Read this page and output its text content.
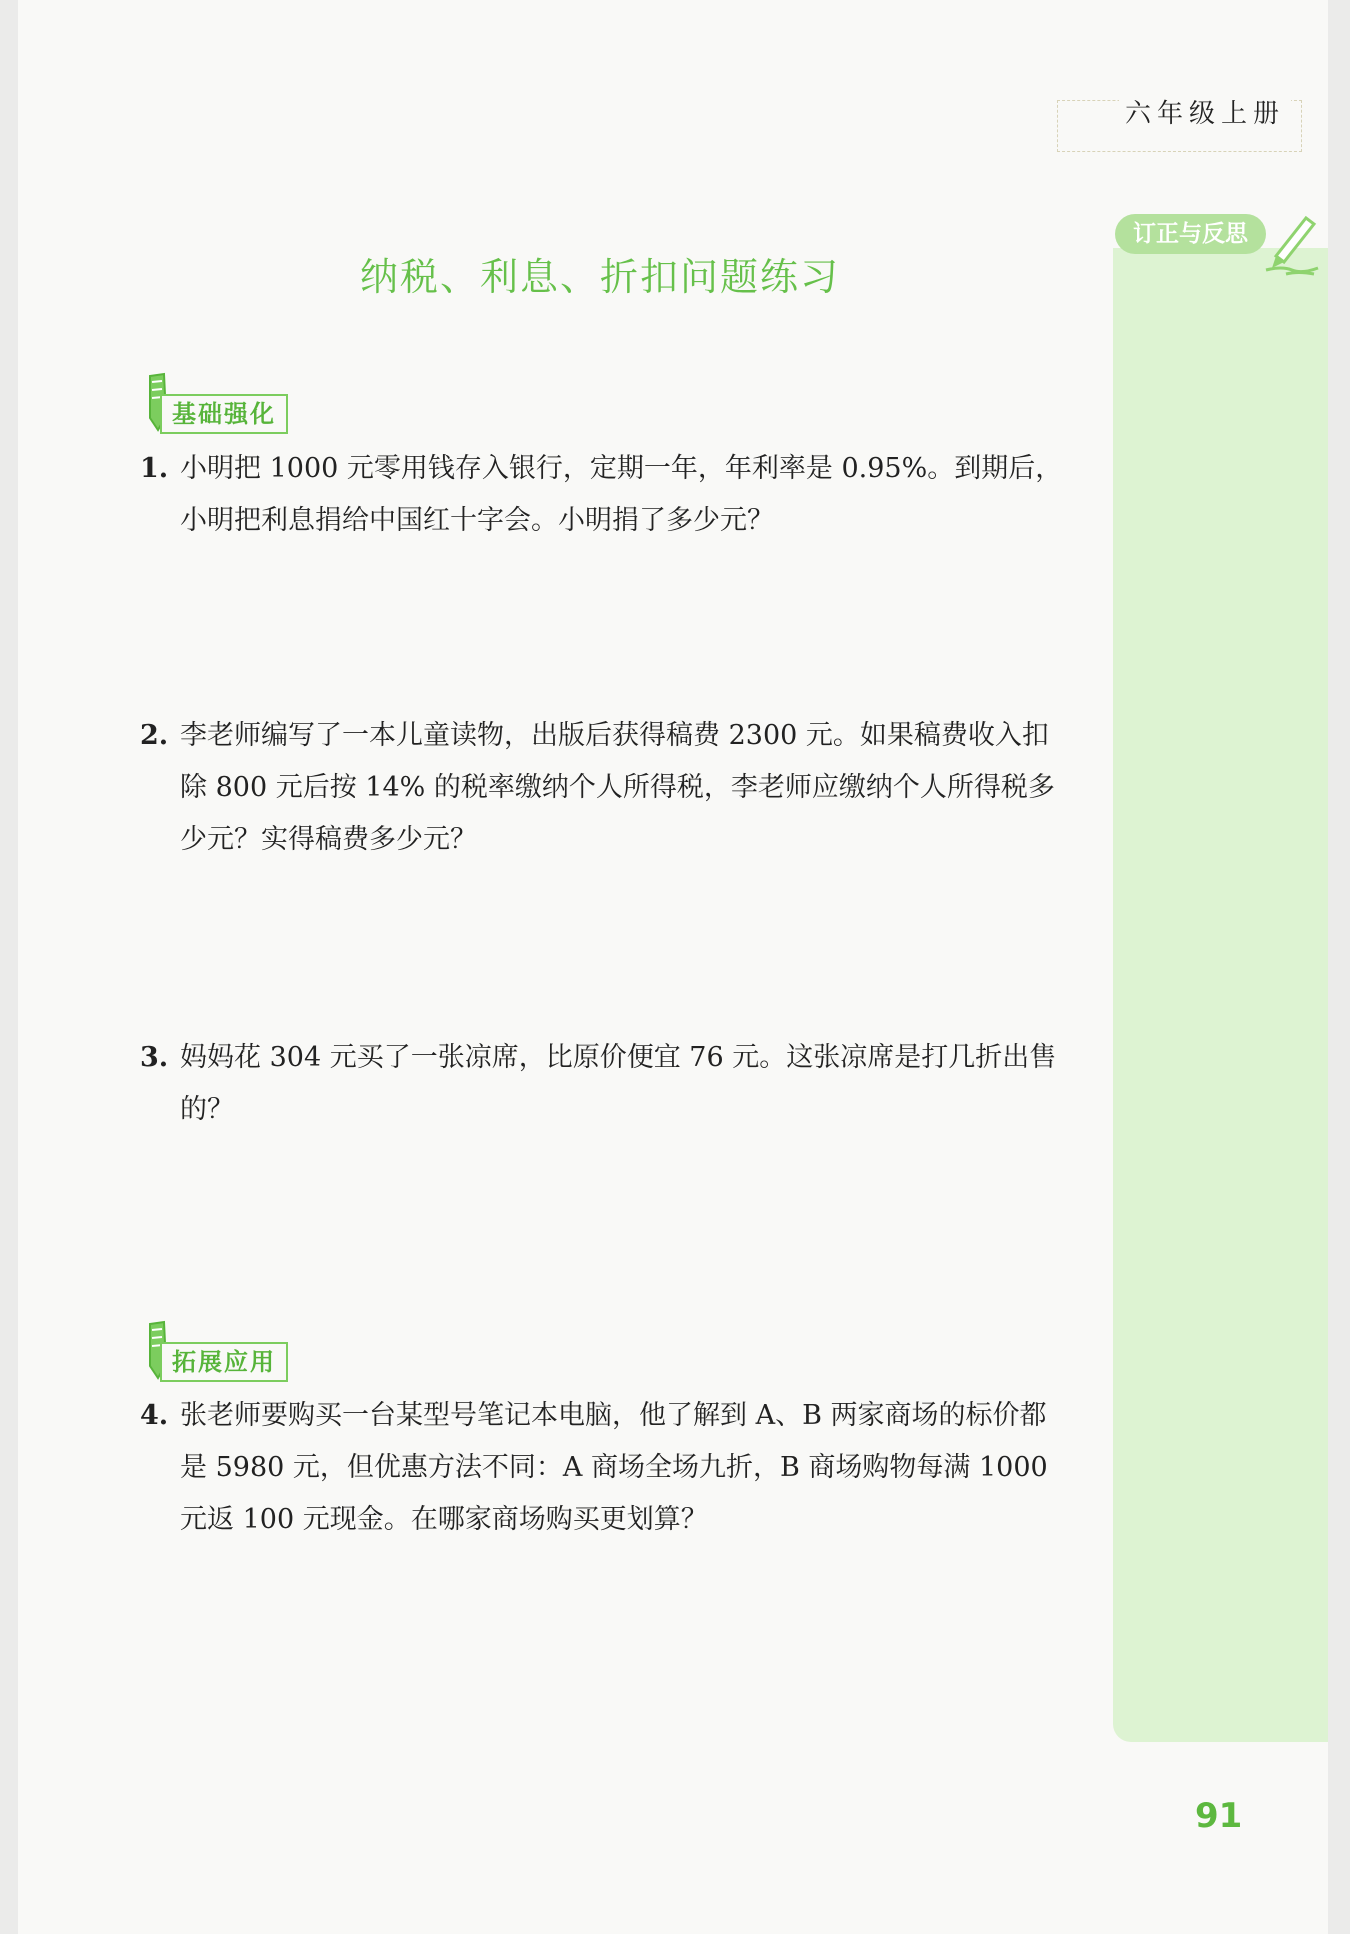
六年级上册
订正与反思
纳税、利息、折扣问题练习
基础强化
1. 小明把 1000 元零用钱存入银行，定期一年，年利率是 0.95%。到期后，小明把利息捐给中国红十字会。小明捐了多少元？
2. 李老师编写了一本儿童读物，出版后获得稿费 2300 元。如果稿费收入扣除 800 元后按 14% 的税率缴纳个人所得税，李老师应缴纳个人所得税多少元？实得稿费多少元？
3. 妈妈花 304 元买了一张凉席，比原价便宜 76 元。这张凉席是打几折出售的？
拓展应用
4. 张老师要购买一台某型号笔记本电脑，他了解到 A、B 两家商场的标价都是 5980 元，但优惠方法不同：A 商场全场九折，B 商场购物每满 1000 元返 100 元现金。在哪家商场购买更划算？
91
